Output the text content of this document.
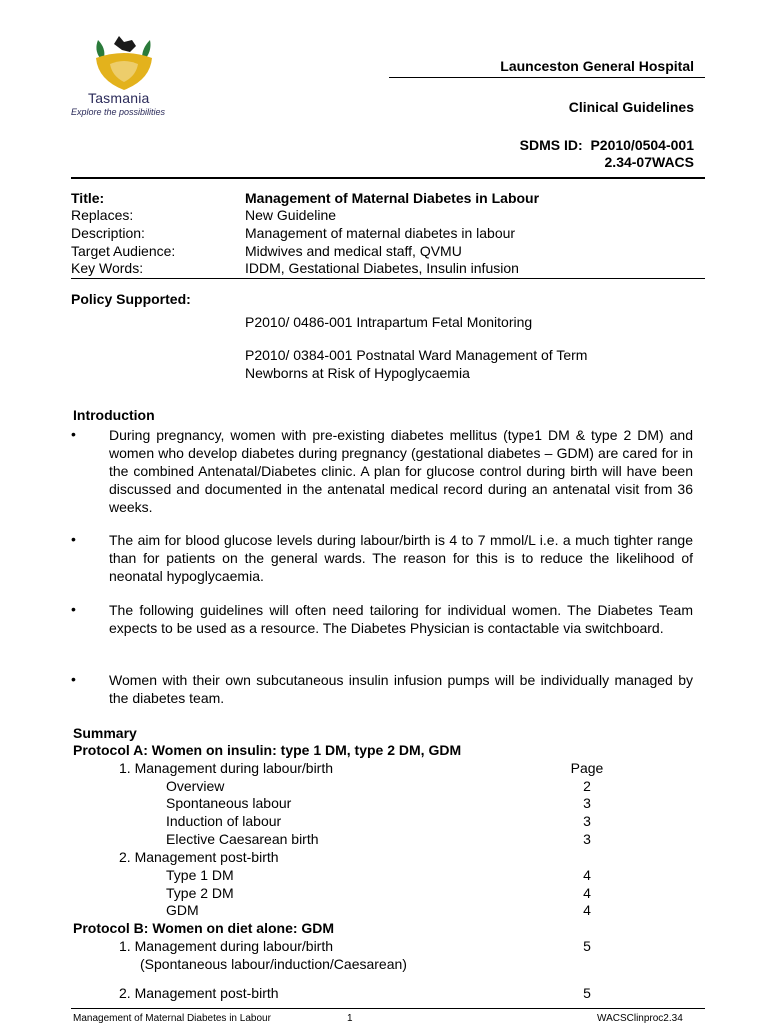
Tasmania
Explore the possibilities
Launceston General Hospital
Clinical Guidelines
SDMS ID: P2010/0504-001
2.34-07WACS
Title:	Management of Maternal Diabetes in Labour
Replaces:	New Guideline
Description:	Management of maternal diabetes in labour
Target Audience:	Midwives and medical staff, QVMU
Key Words:	IDDM, Gestational Diabetes, Insulin infusion
Policy Supported:
P2010/ 0486-001 Intrapartum Fetal Monitoring
P2010/ 0384-001 Postnatal Ward Management of Term
Newborns at Risk of Hypoglycaemia
Introduction
• During pregnancy, women with pre-existing diabetes mellitus (type1 DM & type 2 DM) and women who develop diabetes during pregnancy (gestational diabetes – GDM) are cared for in the combined Antenatal/Diabetes clinic. A plan for glucose control during birth will have been discussed and documented in the antenatal medical record during an antenatal visit from 36 weeks.
• The aim for blood glucose levels during labour/birth is 4 to 7 mmol/L i.e. a much tighter range than for patients on the general wards. The reason for this is to reduce the likelihood of neonatal hypoglycaemia.
• The following guidelines will often need tailoring for individual women. The Diabetes Team expects to be used as a resource. The Diabetes Physician is contactable via switchboard.
• Women with their own subcutaneous insulin infusion pumps will be individually managed by the diabetes team.
Summary
Protocol A: Women on insulin: type 1 DM, type 2 DM, GDM
1. Management during labour/birth	Page
Overview	2
Spontaneous labour	3
Induction of labour	3
Elective Caesarean birth	3
2. Management post-birth
Type 1 DM	4
Type 2 DM	4
GDM	4
Protocol B: Women on diet alone: GDM
1. Management during labour/birth	5
(Spontaneous labour/induction/Caesarean)
2. Management post-birth	5
Management of Maternal Diabetes in Labour	1	WACSClinproc2.34
